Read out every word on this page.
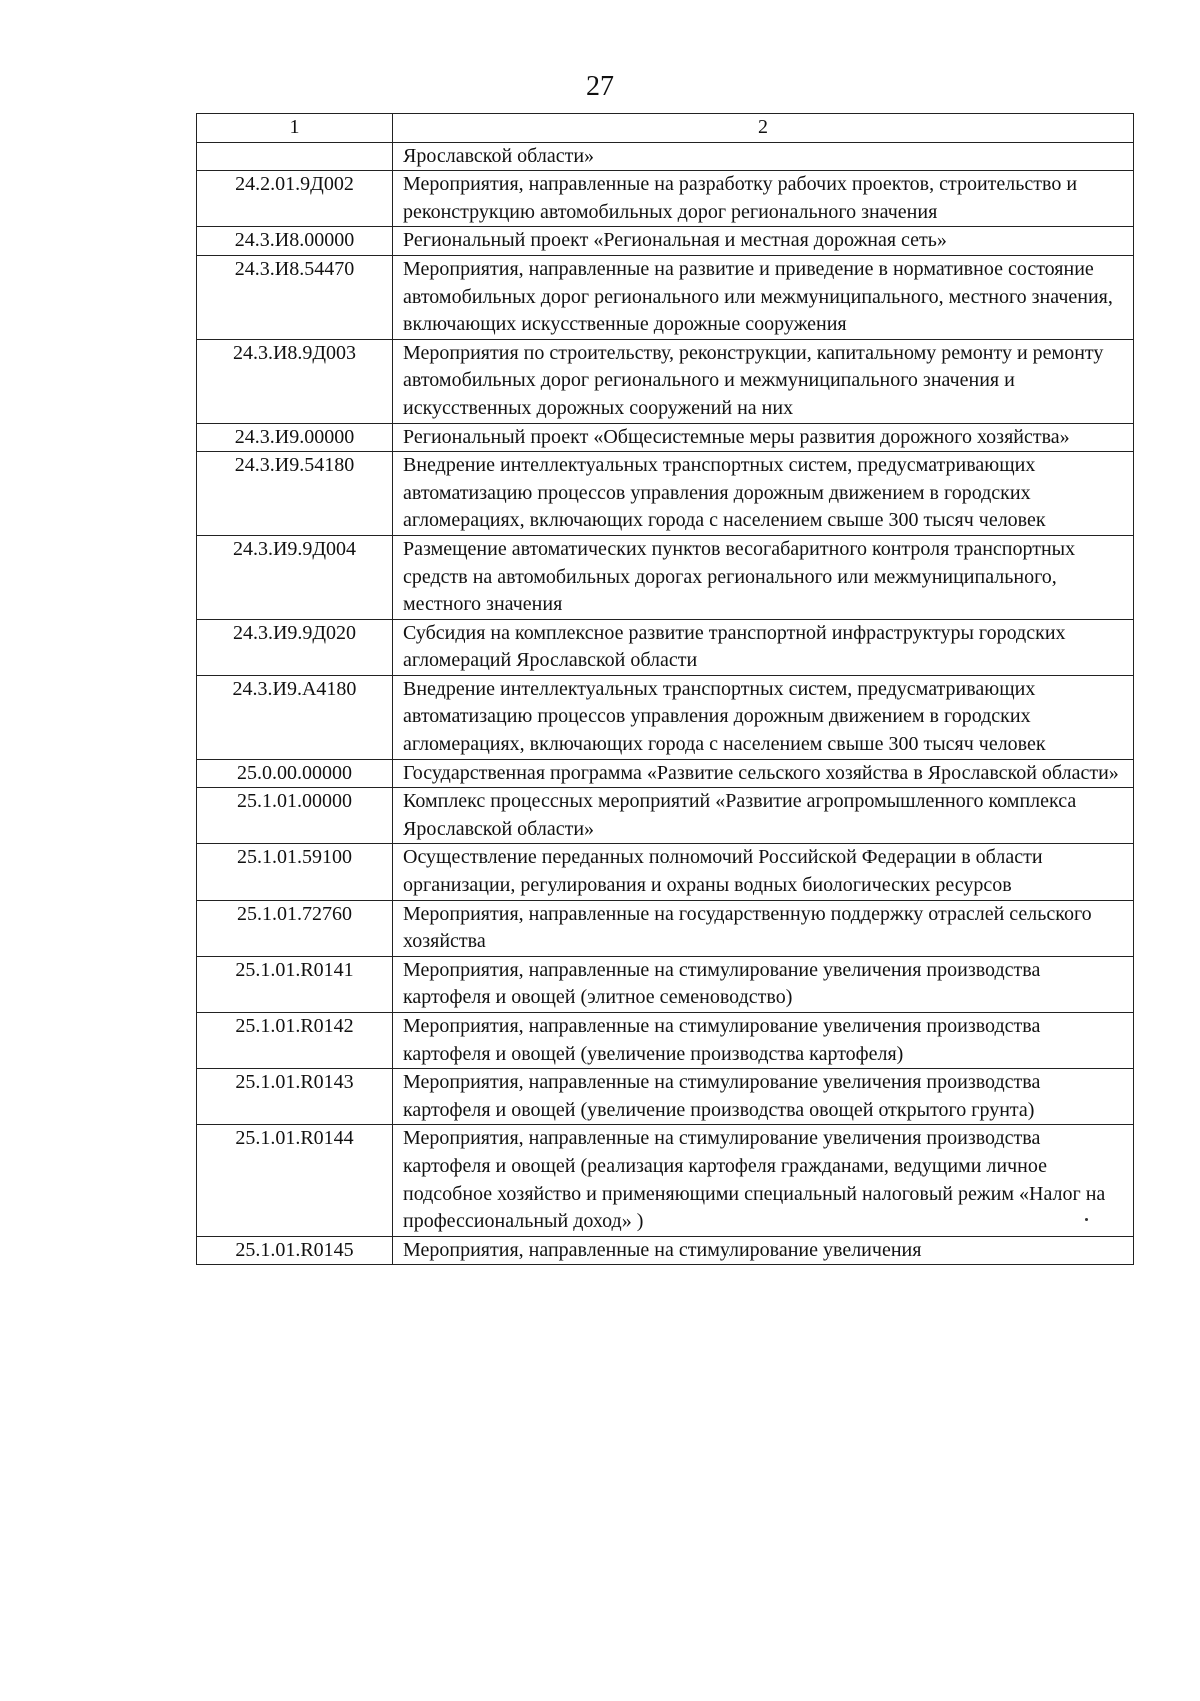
27
1	2
	Ярославской области»
24.2.01.9Д002	Мероприятия, направленные на разработку рабочих проектов, строительство и реконструкцию автомобильных дорог регионального значения
24.3.И8.00000	Региональный проект «Региональная и местная дорожная сеть»
24.3.И8.54470	Мероприятия, направленные на развитие и приведение в нормативное состояние автомобильных дорог регионального или межмуниципального, местного значения, включающих искусственные дорожные сооружения
24.3.И8.9Д003	Мероприятия по строительству, реконструкции, капитальному ремонту и ремонту автомобильных дорог регионального и межмуниципального значения и искусственных дорожных сооружений на них
24.3.И9.00000	Региональный проект «Общесистемные меры развития дорожного хозяйства»
24.3.И9.54180	Внедрение интеллектуальных транспортных систем, предусматривающих автоматизацию процессов управления дорожным движением в городских агломерациях, включающих города с населением свыше 300 тысяч человек
24.3.И9.9Д004	Размещение автоматических пунктов весогабаритного контроля транспортных средств на автомобильных дорогах регионального или межмуниципального, местного значения
24.3.И9.9Д020	Субсидия на комплексное развитие транспортной инфраструктуры городских агломераций Ярославской области
24.3.И9.А4180	Внедрение интеллектуальных транспортных систем, предусматривающих автоматизацию процессов управления дорожным движением в городских агломерациях, включающих города с населением свыше 300 тысяч человек
25.0.00.00000	Государственная программа «Развитие сельского хозяйства в Ярославской области»
25.1.01.00000	Комплекс процессных мероприятий «Развитие агропромышленного комплекса Ярославской области»
25.1.01.59100	Осуществление переданных полномочий Российской Федерации в области организации, регулирования и охраны водных биологических ресурсов
25.1.01.72760	Мероприятия, направленные на государственную поддержку отраслей сельского хозяйства
25.1.01.R0141	Мероприятия, направленные на стимулирование увеличения производства картофеля и овощей (элитное семеноводство)
25.1.01.R0142	Мероприятия, направленные на стимулирование увеличения производства картофеля и овощей (увеличение производства картофеля)
25.1.01.R0143	Мероприятия, направленные на стимулирование увеличения производства картофеля и овощей (увеличение производства овощей открытого грунта)
25.1.01.R0144	Мероприятия, направленные на стимулирование увеличения производства картофеля и овощей (реализация картофеля гражданами, ведущими личное подсобное хозяйство и применяющими специальный налоговый режим «Налог на профессиональный доход» )
25.1.01.R0145	Мероприятия, направленные на стимулирование увеличения
